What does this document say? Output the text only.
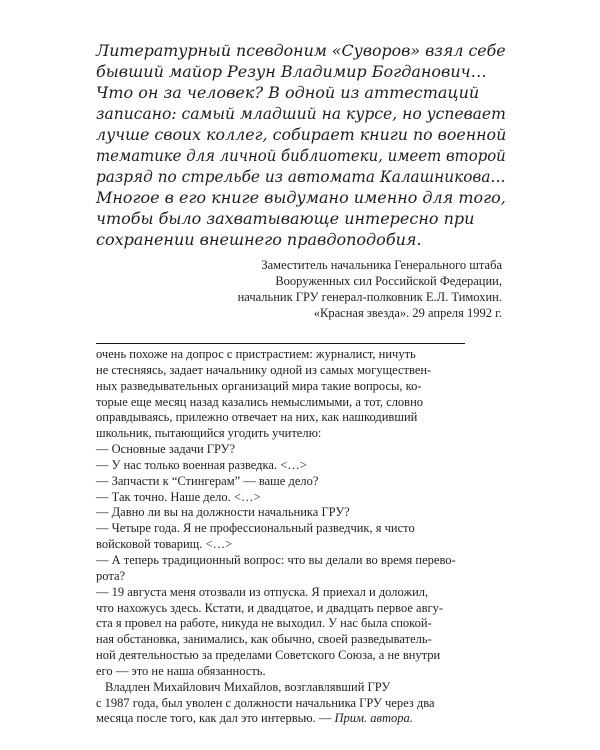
Литературный псевдоним «Суворов» взял себе
бывший майор Резун Владимир Богданович…
Что он за человек? В одной из аттестаций
записано: самый младший на курсе, но успевает
лучше своих коллег, собирает книги по военной
тематике для личной библиотеки, имеет второй
разряд по стрельбе из автомата Калашникова…
Многое в его книге выдумано именно для того,
чтобы было захватывающе интересно при
сохранении внешнего правдоподобия.
Заместитель начальника Генерального штаба
Вооруженных сил Российской Федерации,
начальник ГРУ генерал-полковник Е.Л. Тимохин.
«Красная звезда». 29 апреля 1992 г.
очень похоже на допрос с пристрастием: журналист, ничуть
не стесняясь, задает начальнику одной из самых могуществен-
ных разведывательных организаций мира такие вопросы, ко-
торые еще месяц назад казались немыслимыми, а тот, словно
оправдываясь, прилежно отвечает на них, как нашкодивший
школьник, пытающийся угодить учителю:
— Основные задачи ГРУ?
— У нас только военная разведка. <…>
— Запчасти к “Стингерам” — ваше дело?
— Так точно. Наше дело. <…>
— Давно ли вы на должности начальника ГРУ?
— Четыре года. Я не профессиональный разведчик, я чисто
войсковой товарищ. <…>
— А теперь традиционный вопрос: что вы делали во время перево-
рота?
— 19 августа меня отозвали из отпуска. Я приехал и доложил,
что нахожусь здесь. Кстати, и двадцатое, и двадцать первое авгу-
ста я провел на работе, никуда не выходил. У нас была спокой-
ная обстановка, занимались, как обычно, своей разведыватель-
ной деятельностью за пределами Советского Союза, а не внутри
его — это не наша обязанность.
Владлен Михайлович Михайлов, возглавлявший ГРУ
с 1987 года, был уволен с должности начальника ГРУ через два
месяца после того, как дал это интервью. — Прим. автора.
